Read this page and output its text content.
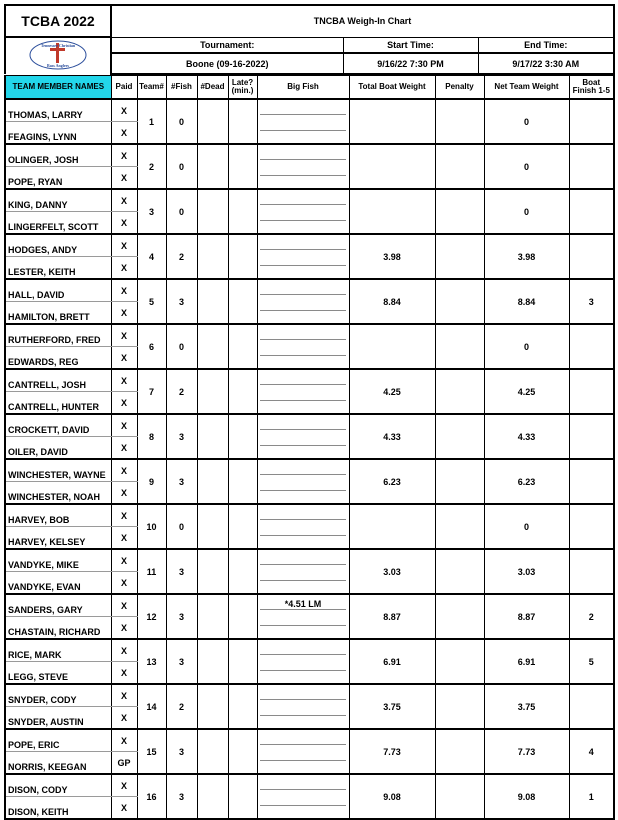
TCBA 2022	TNCBA Weigh-In Chart		

Tennessee Christian
Bass Anglers	Tournament:	Start Time:	End Time:
	Boone (09-16-2022)	9/16/22 7:30 PM	9/17/22 3:30 AM
TEAM MEMBER NAMES	Paid	Team#	#Fish	#Dead	Late? (min.)	Big Fish	Total Boat Weight	Penalty	Net Team Weight	Boat Finish 1-5
THOMAS, LARRY	X	1	0						0	
FEAGINS, LYNN	X									
OLINGER, JOSH	X	2	0						0	
POPE, RYAN	X									
KING, DANNY	X	3	0						0	
LINGERFELT, SCOTT	X									
HODGES, ANDY	X	4	2				3.98		3.98	
LESTER, KEITH	X									
HALL, DAVID	X	5	3				8.84		8.84	3
HAMILTON, BRETT	X									
RUTHERFORD, FRED	X	6	0						0	
EDWARDS, REG	X									
CANTRELL, JOSH	X	7	2				4.25		4.25	
CANTRELL, HUNTER	X									
CROCKETT, DAVID	X	8	3				4.33		4.33	
OILER, DAVID	X									
WINCHESTER, WAYNE	X	9	3				6.23		6.23	
WINCHESTER, NOAH	X									
HARVEY, BOB	X	10	0						0	
HARVEY, KELSEY	X									
VANDYKE, MIKE	X	11	3				3.03		3.03	
VANDYKE, EVAN	X									
SANDERS, GARY	X	12	3			*4.51 LM	8.87		8.87	2
CHASTAIN, RICHARD	X									
RICE, MARK	X	13	3				6.91		6.91	5
LEGG, STEVE	X									
SNYDER, CODY	X	14	2				3.75		3.75	
SNYDER, AUSTIN	X									
POPE, ERIC	X	15	3				7.73		7.73	4
NORRIS, KEEGAN	GP									
DISON, CODY	X	16	3				9.08		9.08	1
DISON, KEITH	X									
